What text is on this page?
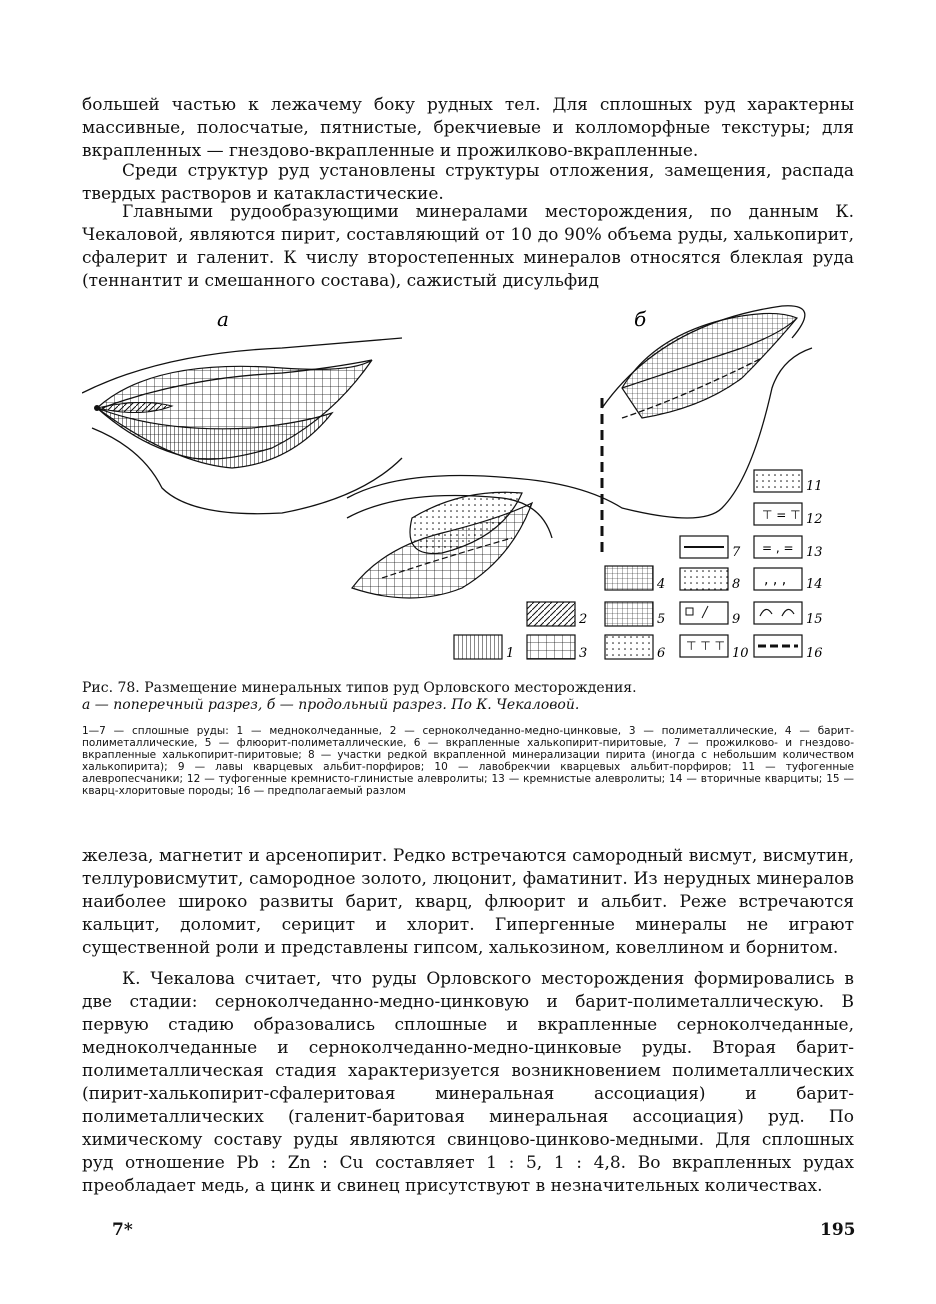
большей частью к лежачему боку рудных тел. Для сплошных руд характерны массивные, полосчатые, пятнистые, брекчиевые и колломорфные текстуры; для вкрапленных — гнездово-вкрапленные и прожилково-вкрапленные.

Среди структур руд установлены структуры отложения, замещения, распада твердых растворов и катакластические.

Главными рудообразующими минералами месторождения, по данным К. Чекаловой, являются пирит, составляющий от 10 до 90% объема руды, халькопирит, сфалерит и галенит. К числу второстепенных минералов относятся блеклая руда (теннантит и смешанного состава), сажистый дисульфид

а	б
1
2
3
4
5
6
7
8
9
⊤ ⊤ ⊤ 10
11
⊤ = ⊤ 12
= , = 13
, , , 14
15
16
Рис. 78. Размещение минеральных типов руд Орловского месторождения.
а — поперечный разрез, б — продольный разрез. По К. Чекаловой.

1—7 — сплошные руды: 1 — медноколчеданные, 2 — серноколчеданно-медно-цинковые, 3 — полиметаллические, 4 — барит-полиметаллические, 5 — флюорит-полиметаллические, 6 — вкрапленные халькопирит-пиритовые, 7 — прожилково- и гнездово-вкрапленные халькопирит-пиритовые; 8 — участки редкой вкрапленной минерализации пирита (иногда с небольшим количеством халькопирита); 9 — лавы кварцевых альбит-порфиров; 10 — лавобрекчии кварцевых альбит-порфиров; 11 — туфогенные алевропесчаники; 12 — туфогенные кремнисто-глинистые алевролиты; 13 — кремнистые алевролиты; 14 — вторичные кварциты; 15 — кварц-хлоритовые породы; 16 — предполагаемый разлом

железа, магнетит и арсенопирит. Редко встречаются самородный висмут, висмутин, теллуровисмутит, самородное золото, люцонит, фаматинит. Из нерудных минералов наиболее широко развиты барит, кварц, флюорит и альбит. Реже встречаются кальцит, доломит, серицит и хлорит. Гипергенные минералы не играют существенной роли и представлены гипсом, халькозином, ковеллином и борнитом.

К. Чекалова считает, что руды Орловского месторождения формировались в две стадии: серноколчеданно-медно-цинковую и барит-полиметаллическую. В первую стадию образовались сплошные и вкрапленные серноколчеданные, медноколчеданные и серноколчеданно-медно-цинковые руды. Вторая барит-полиметаллическая стадия характеризуется возникновением полиметаллических (пирит-халькопирит-сфалеритовая минеральная ассоциация) и барит-полиметаллических (галенит-баритовая минеральная ассоциация) руд. По химическому составу руды являются свинцово-цинково-медными. Для сплошных руд отношение Pb : Zn : Cu составляет 1 : 5, 1 : 4,8. Во вкрапленных рудах преобладает медь, а цинк и свинец присутствуют в незначительных количествах.

7*	195
